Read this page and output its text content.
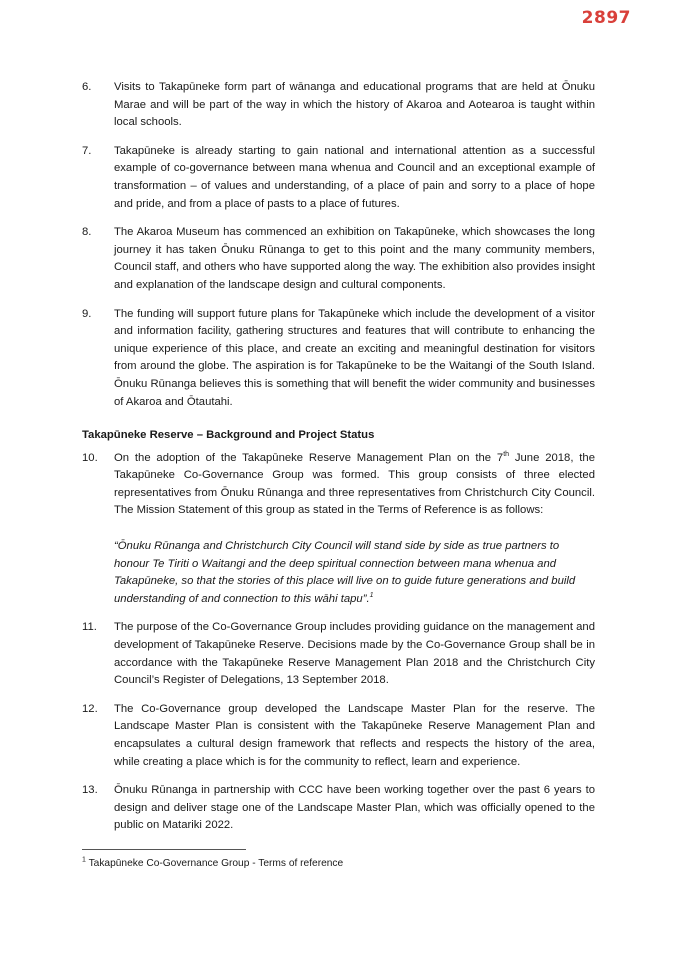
2897
6. Visits to Takapūneke form part of wānanga and educational programs that are held at Ōnuku Marae and will be part of the way in which the history of Akaroa and Aotearoa is taught within local schools.
7. Takapūneke is already starting to gain national and international attention as a successful example of co-governance between mana whenua and Council and an exceptional example of transformation – of values and understanding, of a place of pain and sorry to a place of hope and pride, and from a place of pasts to a place of futures.
8. The Akaroa Museum has commenced an exhibition on Takapūneke, which showcases the long journey it has taken Ōnuku Rūnanga to get to this point and the many community members, Council staff, and others who have supported along the way. The exhibition also provides insight and explanation of the landscape design and cultural components.
9. The funding will support future plans for Takapūneke which include the development of a visitor and information facility, gathering structures and features that will contribute to enhancing the unique experience of this place, and create an exciting and meaningful destination for visitors from around the globe. The aspiration is for Takapūneke to be the Waitangi of the South Island. Ōnuku Rūnanga believes this is something that will benefit the wider community and businesses of Akaroa and Ōtautahi.
Takapūneke Reserve – Background and Project Status
10. On the adoption of the Takapūneke Reserve Management Plan on the 7th June 2018, the Takapūneke Co-Governance Group was formed. This group consists of three elected representatives from Ōnuku Rūnanga and three representatives from Christchurch City Council. The Mission Statement of this group as stated in the Terms of Reference is as follows:
“Ōnuku Rūnanga and Christchurch City Council will stand side by side as true partners to honour Te Tiriti o Waitangi and the deep spiritual connection between mana whenua and Takapūneke, so that the stories of this place will live on to guide future generations and build understanding of and connection to this wāhi tapu”.$^1$
11. The purpose of the Co-Governance Group includes providing guidance on the management and development of Takapūneke Reserve. Decisions made by the Co-Governance Group shall be in accordance with the Takapūneke Reserve Management Plan 2018 and the Christchurch City Council’s Register of Delegations, 13 September 2018.
12. The Co-Governance group developed the Landscape Master Plan for the reserve. The Landscape Master Plan is consistent with the Takapūneke Reserve Management Plan and encapsulates a cultural design framework that reflects and respects the history of the area, while creating a place which is for the community to reflect, learn and experience.
13. Ōnuku Rūnanga in partnership with CCC have been working together over the past 6 years to design and deliver stage one of the Landscape Master Plan, which was officially opened to the public on Matariki 2022.
$^1$ Takapūneke Co-Governance Group - Terms of reference
